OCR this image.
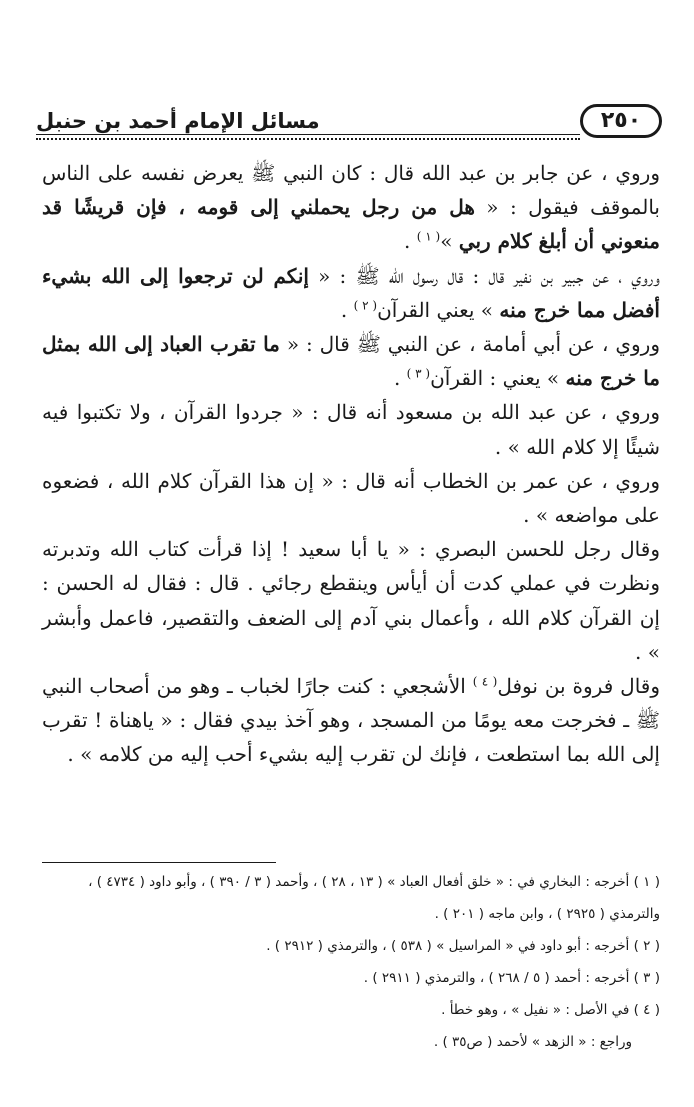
٢٥٠
مسائل الإمام أحمد بن حنبل

وروي ، عن جابر بن عبد الله قال : كان النبي ﷺ يعرض نفسه على الناس بالموقف فيقول : « هل من رجل يحملني إلى قومه ، فإن قريشًا قد منعوني أن أبلغ كلام ربي »$^{( ١ )}$ .

وروي ، عن جبير بن نفير قال : قال رسول الله ﷺ : « إنكم لن ترجعوا إلى الله بشيء أفضل مما خرج منه » يعني القرآن$^{( ٢ )}$ .

وروي ، عن أبي أمامة ، عن النبي ﷺ قال : « ما تقرب العباد إلى الله بمثل ما خرج منه » يعني : القرآن$^{( ٣ )}$ .

وروي ، عن عبد الله بن مسعود أنه قال : « جردوا القرآن ، ولا تكتبوا فيه شيئًا إلا كلام الله » .

وروي ، عن عمر بن الخطاب أنه قال : « إن هذا القرآن كلام الله ، فضعوه على مواضعه » .

وقال رجل للحسن البصري : « يا أبا سعيد ! إذا قرأت كتاب الله وتدبرته ونظرت في عملي كدت أن أيأس وينقطع رجائي . قال : فقال له الحسن : إن القرآن كلام الله ، وأعمال بني آدم إلى الضعف والتقصير، فاعمل وأبشر » .

وقال فروة بن نوفل$^{( ٤ )}$ الأشجعي : كنت جارًا لخباب ـ وهو من أصحاب النبي ﷺ ـ فخرجت معه يومًا من المسجد ، وهو آخذ بيدي فقال : « ياهناة ! تقرب إلى الله بما استطعت ، فإنك لن تقرب إليه بشيء أحب إليه من كلامه » .

( ١ ) أخرجه : البخاري في : « خلق أفعال العباد » ( ١٣ ، ٢٨ ) ، وأحمد ( ٣ / ٣٩٠ ) ، وأبو داود ( ٤٧٣٤ ) ، والترمذي ( ٢٩٢٥ ) ، وابن ماجه ( ٢٠١ ) .

( ٢ ) أخرجه : أبو داود في « المراسيل » ( ٥٣٨ ) ، والترمذي ( ٢٩١٢ ) .

( ٣ ) أخرجه : أحمد ( ٥ / ٢٦٨ ) ، والترمذي ( ٢٩١١ ) .

( ٤ ) في الأصل : « نفيل » ، وهو خطأ .

وراجع : « الزهد » لأحمد ( ص٣٥ ) .
